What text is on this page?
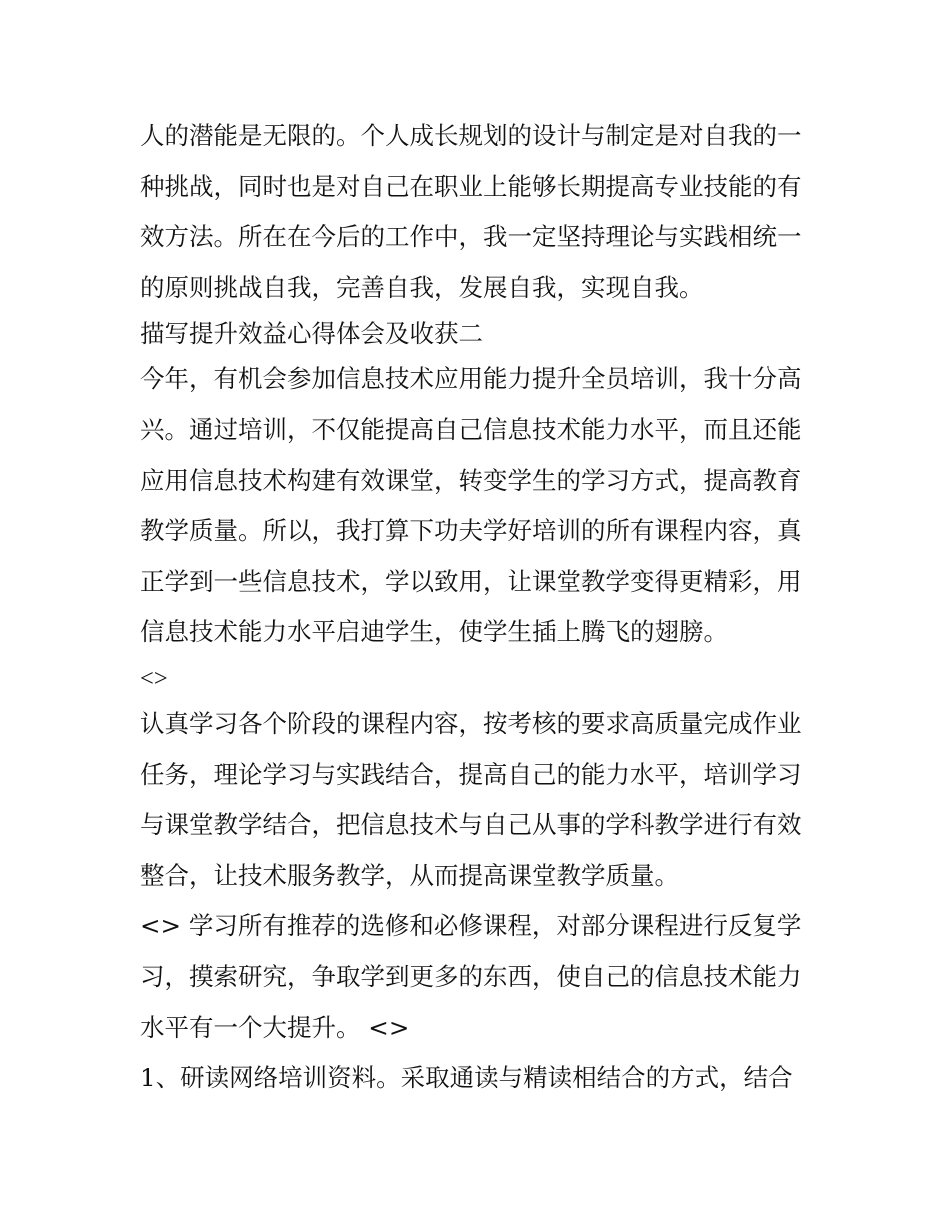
人的潜能是无限的。个人成长规划的设计与制定是对自我的一
种挑战，同时也是对自己在职业上能够长期提高专业技能的有
效方法。所在在今后的工作中，我一定坚持理论与实践相统一
的原则挑战自我，完善自我，发展自我，实现自我。
描写提升效益心得体会及收获二
今年，有机会参加信息技术应用能力提升全员培训，我十分高
兴。通过培训，不仅能提高自己信息技术能力水平，而且还能
应用信息技术构建有效课堂，转变学生的学习方式，提高教育
教学质量。所以，我打算下功夫学好培训的所有课程内容，真
正学到一些信息技术，学以致用，让课堂教学变得更精彩，用
信息技术能力水平启迪学生，使学生插上腾飞的翅膀。
<>
认真学习各个阶段的课程内容，按考核的要求高质量完成作业
任务，理论学习与实践结合，提高自己的能力水平，培训学习
与课堂教学结合，把信息技术与自己从事的学科教学进行有效
整合，让技术服务教学，从而提高课堂教学质量。
<> 学习所有推荐的选修和必修课程，对部分课程进行反复学
习，摸索研究，争取学到更多的东西，使自己的信息技术能力
水平有一个大提升。 <>
1、研读网络培训资料。采取通读与精读相结合的方式，结合
